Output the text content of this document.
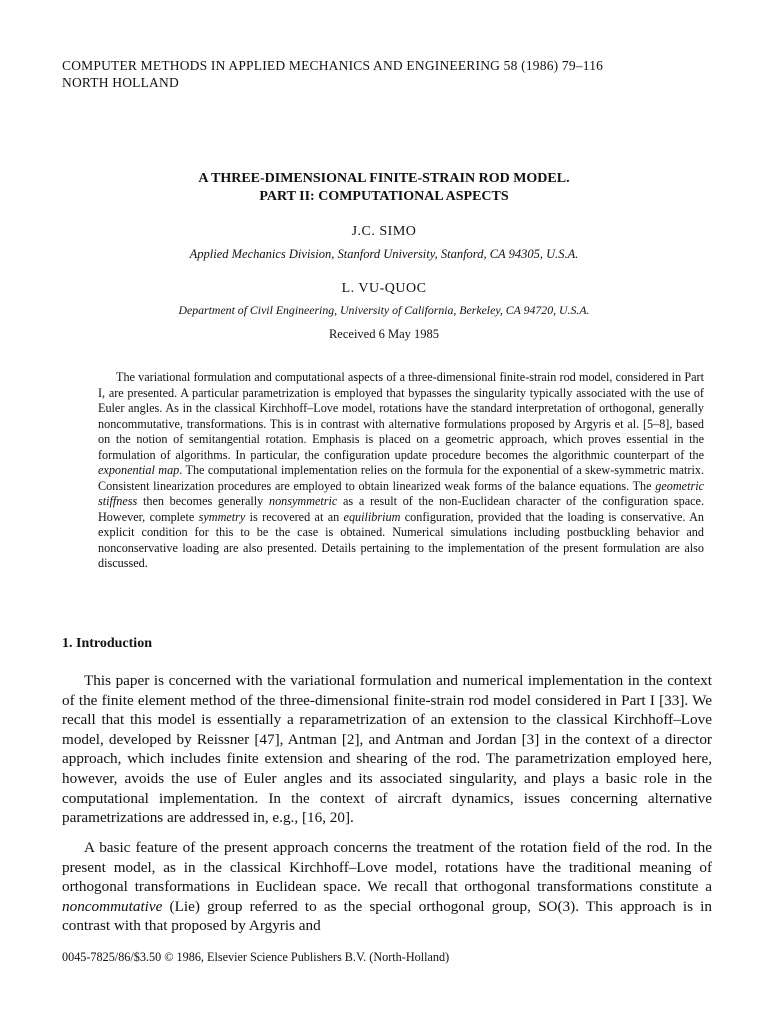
COMPUTER METHODS IN APPLIED MECHANICS AND ENGINEERING 58 (1986) 79–116
NORTH HOLLAND
A THREE-DIMENSIONAL FINITE-STRAIN ROD MODEL.
PART II: COMPUTATIONAL ASPECTS
J.C. SIMO
Applied Mechanics Division, Stanford University, Stanford, CA 94305, U.S.A.
L. VU-QUOC
Department of Civil Engineering, University of California, Berkeley, CA 94720, U.S.A.
Received 6 May 1985
The variational formulation and computational aspects of a three-dimensional finite-strain rod model, considered in Part I, are presented. A particular parametrization is employed that bypasses the singularity typically associated with the use of Euler angles. As in the classical Kirchhoff–Love model, rotations have the standard interpretation of orthogonal, generally noncommutative, transformations. This is in contrast with alternative formulations proposed by Argyris et al. [5–8], based on the notion of semitangential rotation. Emphasis is placed on a geometric approach, which proves essential in the formulation of algorithms. In particular, the configuration update procedure becomes the algorithmic counterpart of the exponential map. The computational implementation relies on the formula for the exponential of a skew-symmetric matrix. Consistent linearization procedures are employed to obtain linearized weak forms of the balance equations. The geometric stiffness then becomes generally nonsymmetric as a result of the non-Euclidean character of the configuration space. However, complete symmetry is recovered at an equilibrium configuration, provided that the loading is conservative. An explicit condition for this to be the case is obtained. Numerical simulations including postbuckling behavior and nonconservative loading are also presented. Details pertaining to the implementation of the present formulation are also discussed.
1. Introduction
This paper is concerned with the variational formulation and numerical implementation in the context of the finite element method of the three-dimensional finite-strain rod model considered in Part I [33]. We recall that this model is essentially a reparametrization of an extension to the classical Kirchhoff–Love model, developed by Reissner [47], Antman [2], and Antman and Jordan [3] in the context of a director approach, which includes finite extension and shearing of the rod. The parametrization employed here, however, avoids the use of Euler angles and its associated singularity, and plays a basic role in the computational implementation. In the context of aircraft dynamics, issues concerning alternative parametrizations are addressed in, e.g., [16, 20].
A basic feature of the present approach concerns the treatment of the rotation field of the rod. In the present model, as in the classical Kirchhoff–Love model, rotations have the traditional meaning of orthogonal transformations in Euclidean space. We recall that orthogonal transformations constitute a noncommutative (Lie) group referred to as the special orthogonal group, SO(3). This approach is in contrast with that proposed by Argyris and
0045-7825/86/$3.50 © 1986, Elsevier Science Publishers B.V. (North-Holland)
